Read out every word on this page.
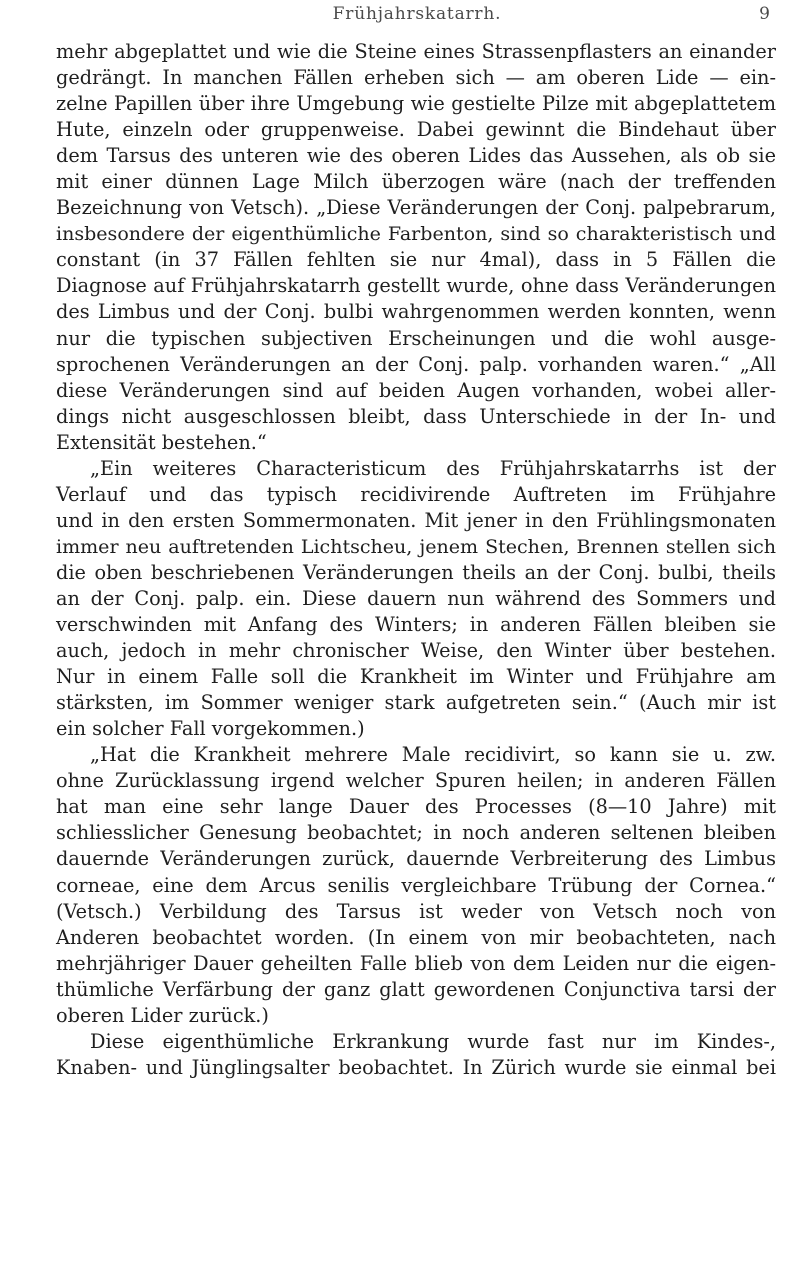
Frühjahrskatarrh.	9
mehr abgeplattet und wie die Steine eines Strassenpflasters an einander
gedrängt. In manchen Fällen erheben sich — am oberen Lide — ein-
zelne Papillen über ihre Umgebung wie gestielte Pilze mit abgeplattetem
Hute, einzeln oder gruppenweise. Dabei gewinnt die Bindehaut über
dem Tarsus des unteren wie des oberen Lides das Aussehen, als ob sie
mit einer dünnen Lage Milch überzogen wäre (nach der treffenden
Bezeichnung von Vetsch). „Diese Veränderungen der Conj. palpebrarum,
insbesondere der eigenthümliche Farbenton, sind so charakteristisch und
constant (in 37 Fällen fehlten sie nur 4mal), dass in 5 Fällen die
Diagnose auf Frühjahrskatarrh gestellt wurde, ohne dass Veränderungen
des Limbus und der Conj. bulbi wahrgenommen werden konnten, wenn
nur die typischen subjectiven Erscheinungen und die wohl ausge-
sprochenen Veränderungen an der Conj. palp. vorhanden waren.“ „All
diese Veränderungen sind auf beiden Augen vorhanden, wobei aller-
dings nicht ausgeschlossen bleibt, dass Unterschiede in der In- und
Extensität bestehen.“
„Ein weiteres Characteristicum des Frühjahrskatarrhs ist der
Verlauf und das typisch recidivirende Auftreten im Frühjahre
und in den ersten Sommermonaten. Mit jener in den Frühlingsmonaten
immer neu auftretenden Lichtscheu, jenem Stechen, Brennen stellen sich
die oben beschriebenen Veränderungen theils an der Conj. bulbi, theils
an der Conj. palp. ein. Diese dauern nun während des Sommers und
verschwinden mit Anfang des Winters; in anderen Fällen bleiben sie
auch, jedoch in mehr chronischer Weise, den Winter über bestehen.
Nur in einem Falle soll die Krankheit im Winter und Frühjahre am
stärksten, im Sommer weniger stark aufgetreten sein.“ (Auch mir ist
ein solcher Fall vorgekommen.)
„Hat die Krankheit mehrere Male recidivirt, so kann sie u. zw.
ohne Zurücklassung irgend welcher Spuren heilen; in anderen Fällen
hat man eine sehr lange Dauer des Processes (8—10 Jahre) mit
schliesslicher Genesung beobachtet; in noch anderen seltenen bleiben
dauernde Veränderungen zurück, dauernde Verbreiterung des Limbus
corneae, eine dem Arcus senilis vergleichbare Trübung der Cornea.“
(Vetsch.) Verbildung des Tarsus ist weder von Vetsch noch von
Anderen beobachtet worden. (In einem von mir beobachteten, nach
mehrjähriger Dauer geheilten Falle blieb von dem Leiden nur die eigen-
thümliche Verfärbung der ganz glatt gewordenen Conjunctiva tarsi der
oberen Lider zurück.)
Diese eigenthümliche Erkrankung wurde fast nur im Kindes-,
Knaben- und Jünglingsalter beobachtet. In Zürich wurde sie einmal bei
